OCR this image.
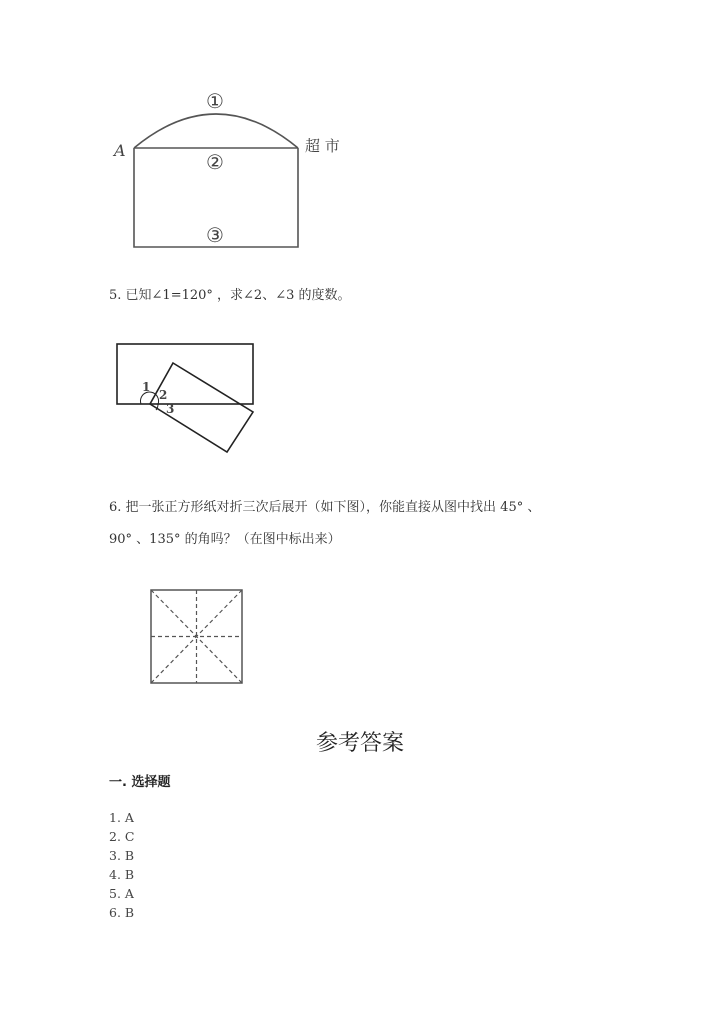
①
②
③
A	超 市
1
2
3
5. 已知∠1=120° ，求∠2、∠3 的度数。
6. 把一张正方形纸对折三次后展开（如下图），你能直接从图中找出 45° 、
90° 、135° 的角吗？（在图中标出来）
参考答案
一. 选择题
1. A
2. C
3. B
4. B
5. A
6. B
